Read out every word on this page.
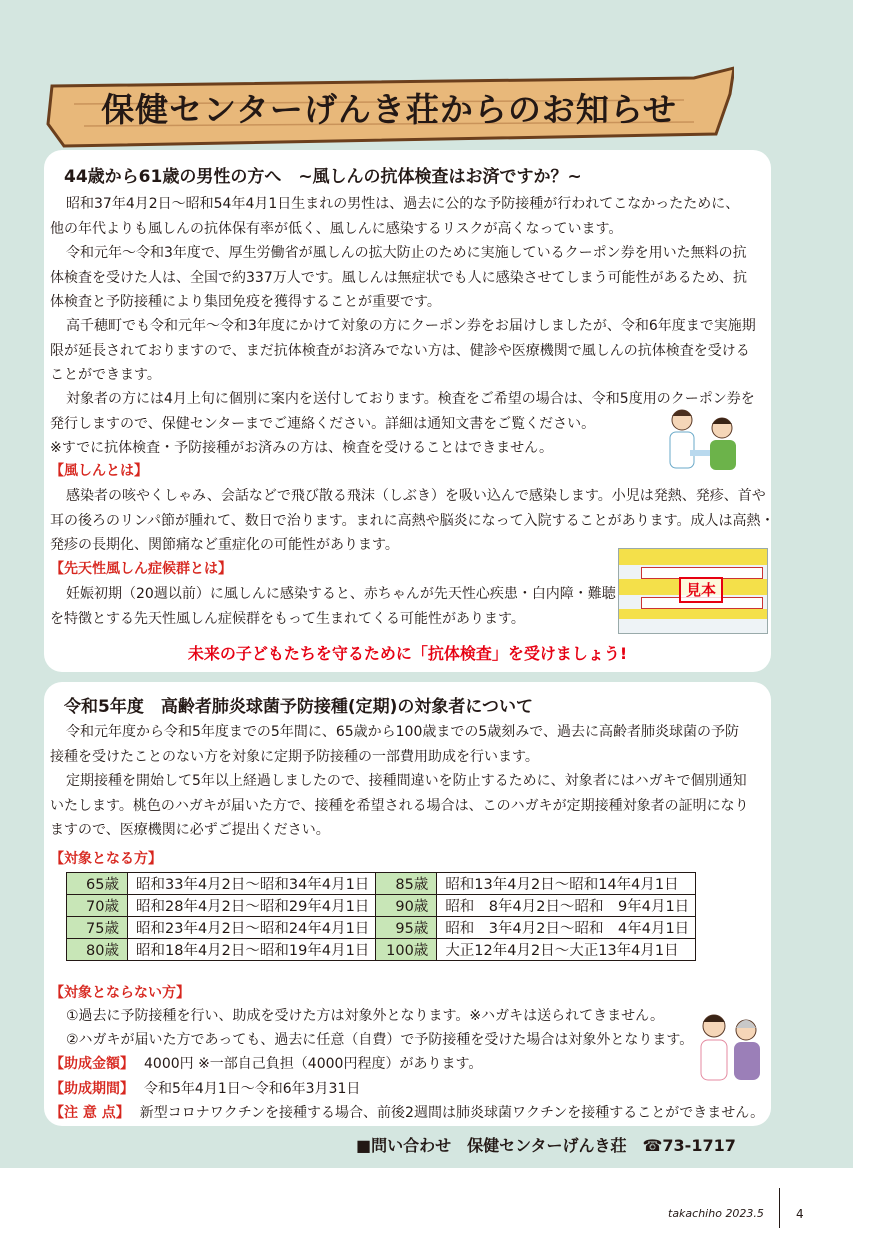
保健センターげんき荘からのお知らせ
44歳から61歳の男性の方へ　~風しんの抗体検査はお済ですか？~
昭和37年4月2日～昭和54年4月1日生まれの男性は、過去に公的な予防接種が行われてこなかったために、
他の年代よりも風しんの抗体保有率が低く、風しんに感染するリスクが高くなっています。
令和元年～令和3年度で、厚生労働省が風しんの拡大防止のために実施しているクーポン券を用いた無料の抗
体検査を受けた人は、全国で約337万人です。風しんは無症状でも人に感染させてしまう可能性があるため、抗
体検査と予防接種により集団免疫を獲得することが重要です。
高千穂町でも令和元年～令和3年度にかけて対象の方にクーポン券をお届けしましたが、令和6年度まで実施期
限が延長されておりますので、まだ抗体検査がお済みでない方は、健診や医療機関で風しんの抗体検査を受ける
ことができます。
対象者の方には4月上旬に個別に案内を送付しております。検査をご希望の場合は、令和5度用のクーポン券を
発行しますので、保健センターまでご連絡ください。詳細は通知文書をご覧ください。
※すでに抗体検査・予防接種がお済みの方は、検査を受けることはできません。
【風しんとは】
感染者の咳やくしゃみ、会話などで飛び散る飛沫（しぶき）を吸い込んで感染します。小児は発熱、発疹、首や
耳の後ろのリンパ節が腫れて、数日で治ります。まれに高熱や脳炎になって入院することがあります。成人は高熱・
発疹の長期化、関節痛など重症化の可能性があります。
【先天性風しん症候群とは】
妊娠初期（20週以前）に風しんに感染すると、赤ちゃんが先天性心疾患・白内障・難聴
を特徴とする先天性風しん症候群をもって生まれてくる可能性があります。
見本
未来の子どもたちを守るために「抗体検査」を受けましょう!
令和5年度　高齢者肺炎球菌予防接種(定期)の対象者について
令和元年度から令和5年度までの5年間に、65歳から100歳までの5歳刻みで、過去に高齢者肺炎球菌の予防
接種を受けたことのない方を対象に定期予防接種の一部費用助成を行います。
定期接種を開始して5年以上経過しましたので、接種間違いを防止するために、対象者にはハガキで個別通知
いたします。桃色のハガキが届いた方で、接種を希望される場合は、このハガキが定期接種対象者の証明になり
ますので、医療機関に必ずご提出ください。
【対象となる方】
65歳	昭和33年4月2日～昭和34年4月1日	85歳	昭和13年4月2日～昭和14年4月1日
70歳	昭和28年4月2日～昭和29年4月1日	90歳	昭和　8年4月2日～昭和　9年4月1日
75歳	昭和23年4月2日～昭和24年4月1日	95歳	昭和　3年4月2日～昭和　4年4月1日
80歳	昭和18年4月2日～昭和19年4月1日	100歳	大正12年4月2日～大正13年4月1日
【対象とならない方】
①過去に予防接種を行い、助成を受けた方は対象外となります。※ハガキは送られてきません。
②ハガキが届いた方であっても、過去に任意（自費）で予防接種を受けた場合は対象外となります。
【助成金額】 4000円 ※一部自己負担（4000円程度）があります。
【助成期間】 令和5年4月1日～令和6年3月31日
【注 意 点】 新型コロナワクチンを接種する場合、前後2週間は肺炎球菌ワクチンを接種することができません。
■問い合わせ　保健センターげんき荘　☎73-1717
takachiho 2023.5	4
